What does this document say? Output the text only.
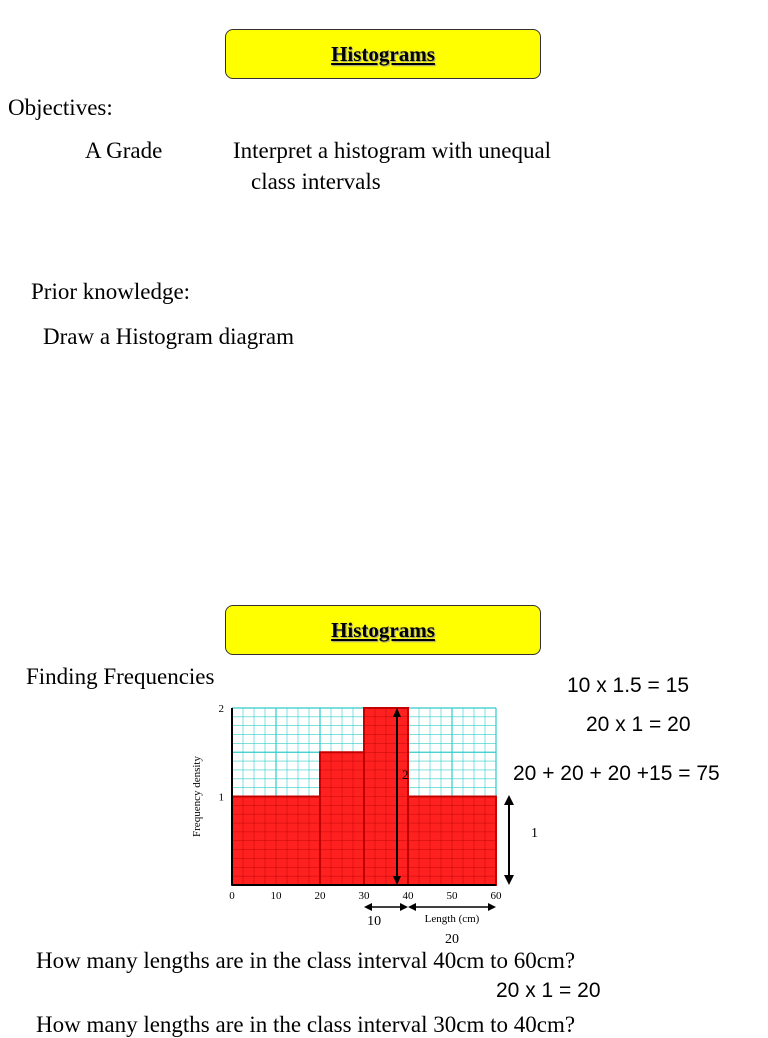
Histograms
Objectives:
A Grade	Interpret a histogram with unequal
class intervals
Prior knowledge:
Draw a Histogram diagram
Histograms
Finding Frequencies	10 x 1.5 = 15
20 x 1 = 20
20 + 20 + 20 +15 = 75
0	10	20	30	40	50	60
1
2
Frequency density
Length (cm)
2
10
20
1
How many lengths are in the class interval 40cm to 60cm?
20 x 1 = 20
How many lengths are in the class interval 30cm to 40cm?
